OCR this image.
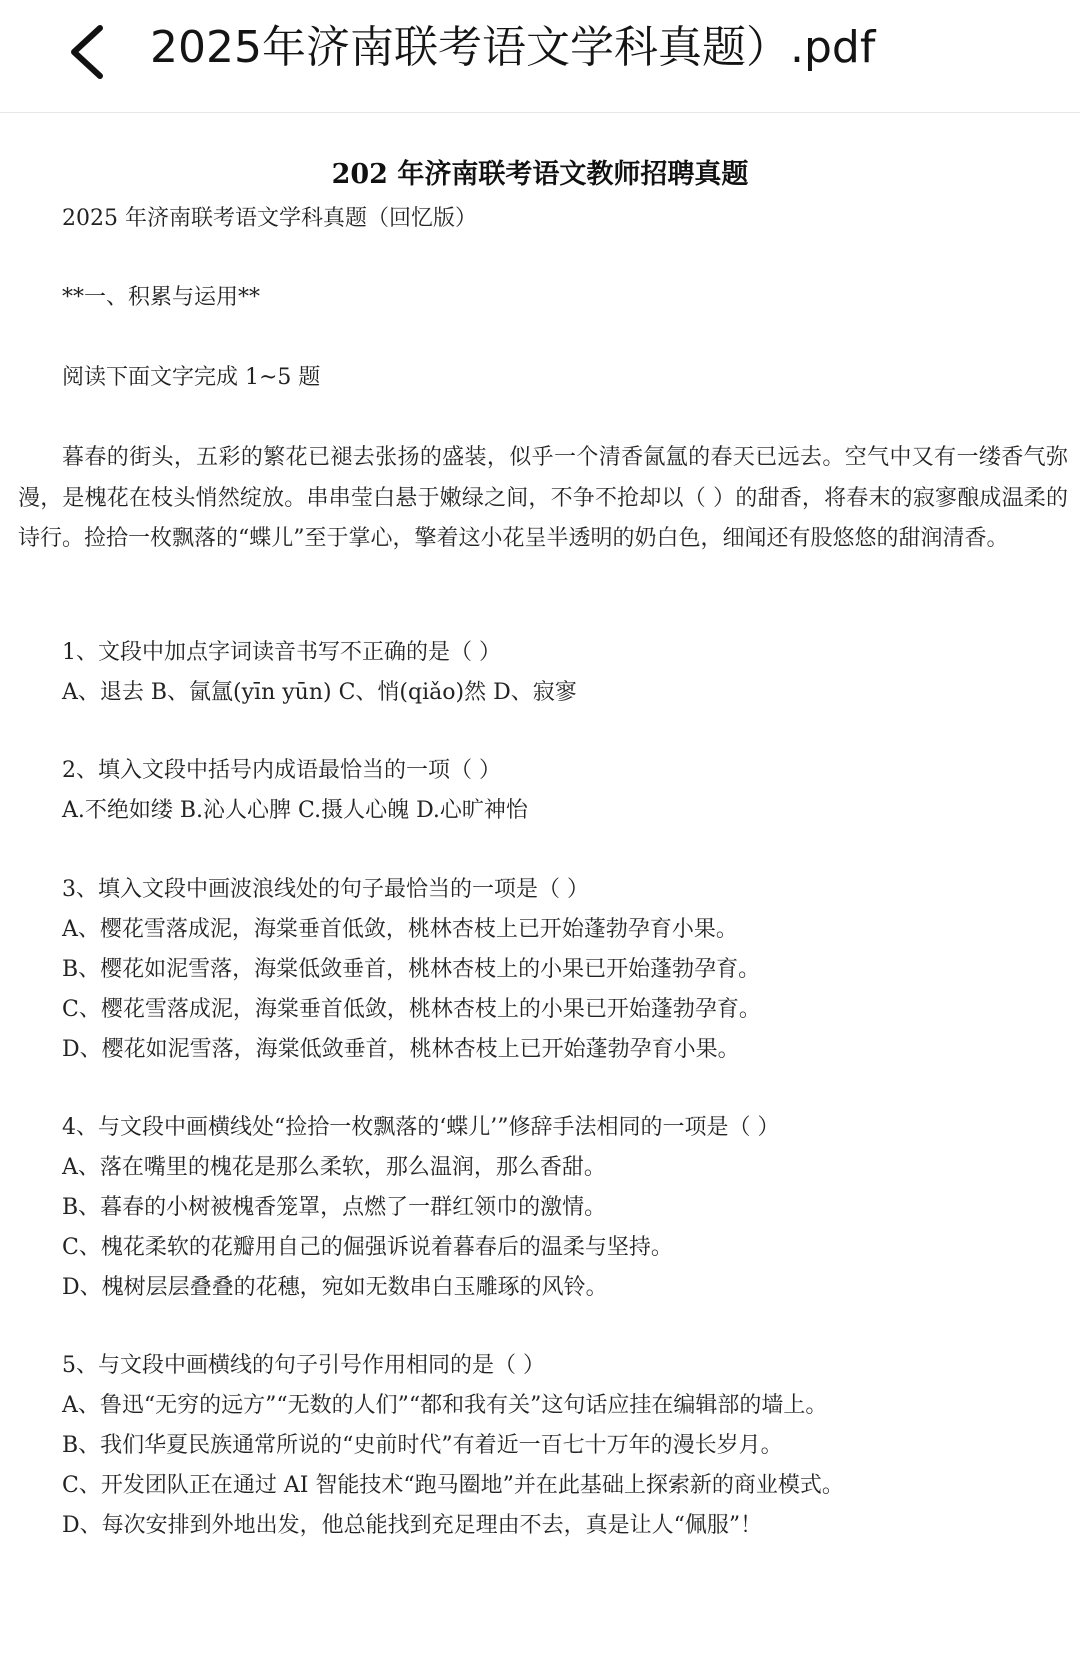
2025年济南联考语文学科真题）.pdf
202 年济南联考语文教师招聘真题
2025 年济南联考语文学科真题（回忆版）
**一、积累与运用**
阅读下面文字完成 1~5 题
暮春的街头，五彩的繁花已褪去张扬的盛装，似乎一个清香氤氲的春天已远去。空气中又有一缕香气弥漫，是槐花在枝头悄然绽放。串串莹白悬于嫩绿之间，不争不抢却以（ ）的甜香，将春末的寂寥酿成温柔的诗行。捡拾一枚飘落的“蝶儿”至于掌心，擎着这小花呈半透明的奶白色，细闻还有股悠悠的甜润清香。

1、文段中加点字词读音书写不正确的是（ ）

A、退去 B、氤氲(yīn yūn) C、悄(qiǎo)然 D、寂寥

2、填入文段中括号内成语最恰当的一项（ ）

A.不绝如缕 B.沁人心脾 C.摄人心魄 D.心旷神怡

3、填入文段中画波浪线处的句子最恰当的一项是（ ）

A、樱花雪落成泥，海棠垂首低敛，桃林杏枝上已开始蓬勃孕育小果。

B、樱花如泥雪落，海棠低敛垂首，桃林杏枝上的小果已开始蓬勃孕育。

C、樱花雪落成泥，海棠垂首低敛，桃林杏枝上的小果已开始蓬勃孕育。

D、樱花如泥雪落，海棠低敛垂首，桃林杏枝上已开始蓬勃孕育小果。

4、与文段中画横线处“捡拾一枚飘落的‘蝶儿’”修辞手法相同的一项是（ ）

A、落在嘴里的槐花是那么柔软，那么温润，那么香甜。

B、暮春的小树被槐香笼罩，点燃了一群红领巾的激情。

C、槐花柔软的花瓣用自己的倔强诉说着暮春后的温柔与坚持。

D、槐树层层叠叠的花穗，宛如无数串白玉雕琢的风铃。

5、与文段中画横线的句子引号作用相同的是（ ）

A、鲁迅“无穷的远方”“无数的人们”“都和我有关”这句话应挂在编辑部的墙上。

B、我们华夏民族通常所说的“史前时代”有着近一百七十万年的漫长岁月。

C、开发团队正在通过 AI 智能技术“跑马圈地”并在此基础上探索新的商业模式。

D、每次安排到外地出发，他总能找到充足理由不去，真是让人“佩服”！
